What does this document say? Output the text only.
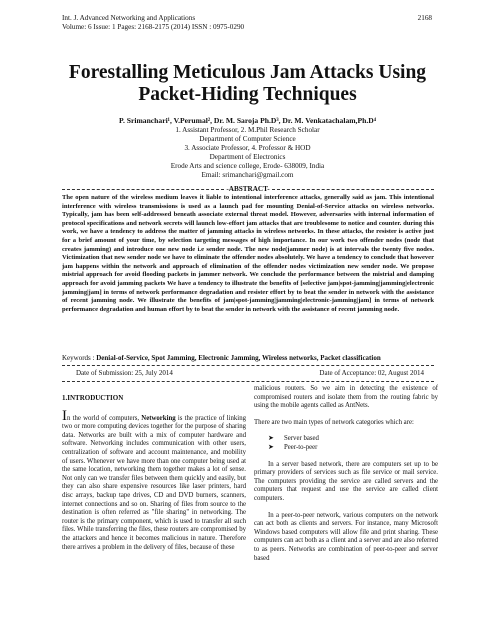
Int. J. Advanced Networking and Applications
Volume: 6 Issue: 1 Pages: 2168-2175 (2014) ISSN : 0975-0290
2168
Forestalling Meticulous Jam Attacks Using
Packet-Hiding Techniques
P. Srimanchari¹, V.Perumal², Dr. M. Saroja Ph.D³, Dr. M. Venkatachalam,Ph.D⁴
1. Assistant Professor, 2. M.Phil Research Scholar
Department of Computer Science
3. Associate Professor, 4. Professor & HOD
Department of Electronics
Erode Arts and science college, Erode- 638009, India
Email: srimanchari@gmail.com
-ABSTRACT-
The open nature of the wireless medium leaves it liable to intentional interference attacks, generally said as jam. This intentional interference with wireless transmissions is used as a launch pad for mounting Denial-of-Service attacks on wireless networks. Typically, jam has been self-addressed beneath associate external threat model. However, adversaries with internal information of protocol specifications and network secrets will launch low-effort jam attacks that are troublesome to notice and counter. during this work, we have a tendency to address the matter of jamming attacks in wireless networks. In these attacks, the resister is active just for a brief amount of your time, by selection targeting messages of high importance. In our work two offender nodes (node that creates jamming) and introduce one new node i.e sender node. The new node(jammer node) is at intervals the twenty five nodes. Victimization that new sender node we have to eliminate the offender nodes absolutely. We have a tendency to conclude that however jam happens within the network and approach of elimination of the offender nodes victimization new sender node. We propose mistrial approach for avoid flooding packets in jammer network. We conclude the performance between the mistrial and damping approach for avoid jamming packets We have a tendency to illustrate the benefits of [selective jam|spot-jamming|jamming|electronic jamming|jam] in terms of network performance degradation and resister effort by to beat the sender in network with the assistance of recent jamming node. We illustrate the benefits of jam|spot-jamming|jamming|electronic-jamming|jam] in terms of network performance degradation and human effort by to beat the sender in network with the assistance of recent jamming node.
Keywords : Denial-of-Service, Spot Jamming, Electronic Jamming, Wireless networks, Packet classification
Date of Submission: 25, July 2014	Date of Acceptance: 02, August 2014
1.INTRODUCTION
In the world of computers, Networking is the practice of linking two or more computing devices together for the purpose of sharing data. Networks are built with a mix of computer hardware and software. Networking includes communication with other users, centralization of software and account maintenance, and mobility of users. Whenever we have more than one computer being used at the same location, networking them together makes a lot of sense. Not only can we transfer files between them quickly and easily, but they can also share expensive resources like laser printers, hard disc arrays, backup tape drives, CD and DVD burners, scanners, internet connections and so on. Sharing of files from source to the destination is often referred as "file sharing" in networking. The router is the primary component, which is used to transfer all such files. While transferring the files, these routers are compromised by the attackers and hence it becomes malicious in nature. Therefore there arrives a problem in the delivery of files, because of these
malicious routers. So we aim in detecting the existence of compromised routers and isolate them from the routing fabric by using the mobile agents called as AntNets.
There are two main types of network categories which are:
➤ Server based
➤ Peer-to-peer
In a server based network, there are computers set up to be primary providers of services such as file service or mail service. The computers providing the service are called servers and the computers that request and use the service are called client computers.
In a peer-to-peer network, various computers on the network can act both as clients and servers. For instance, many Microsoft Windows based computers will allow file and print sharing. These computers can act both as a client and a server and are also referred to as peers. Networks are combination of peer-to-peer and server based
